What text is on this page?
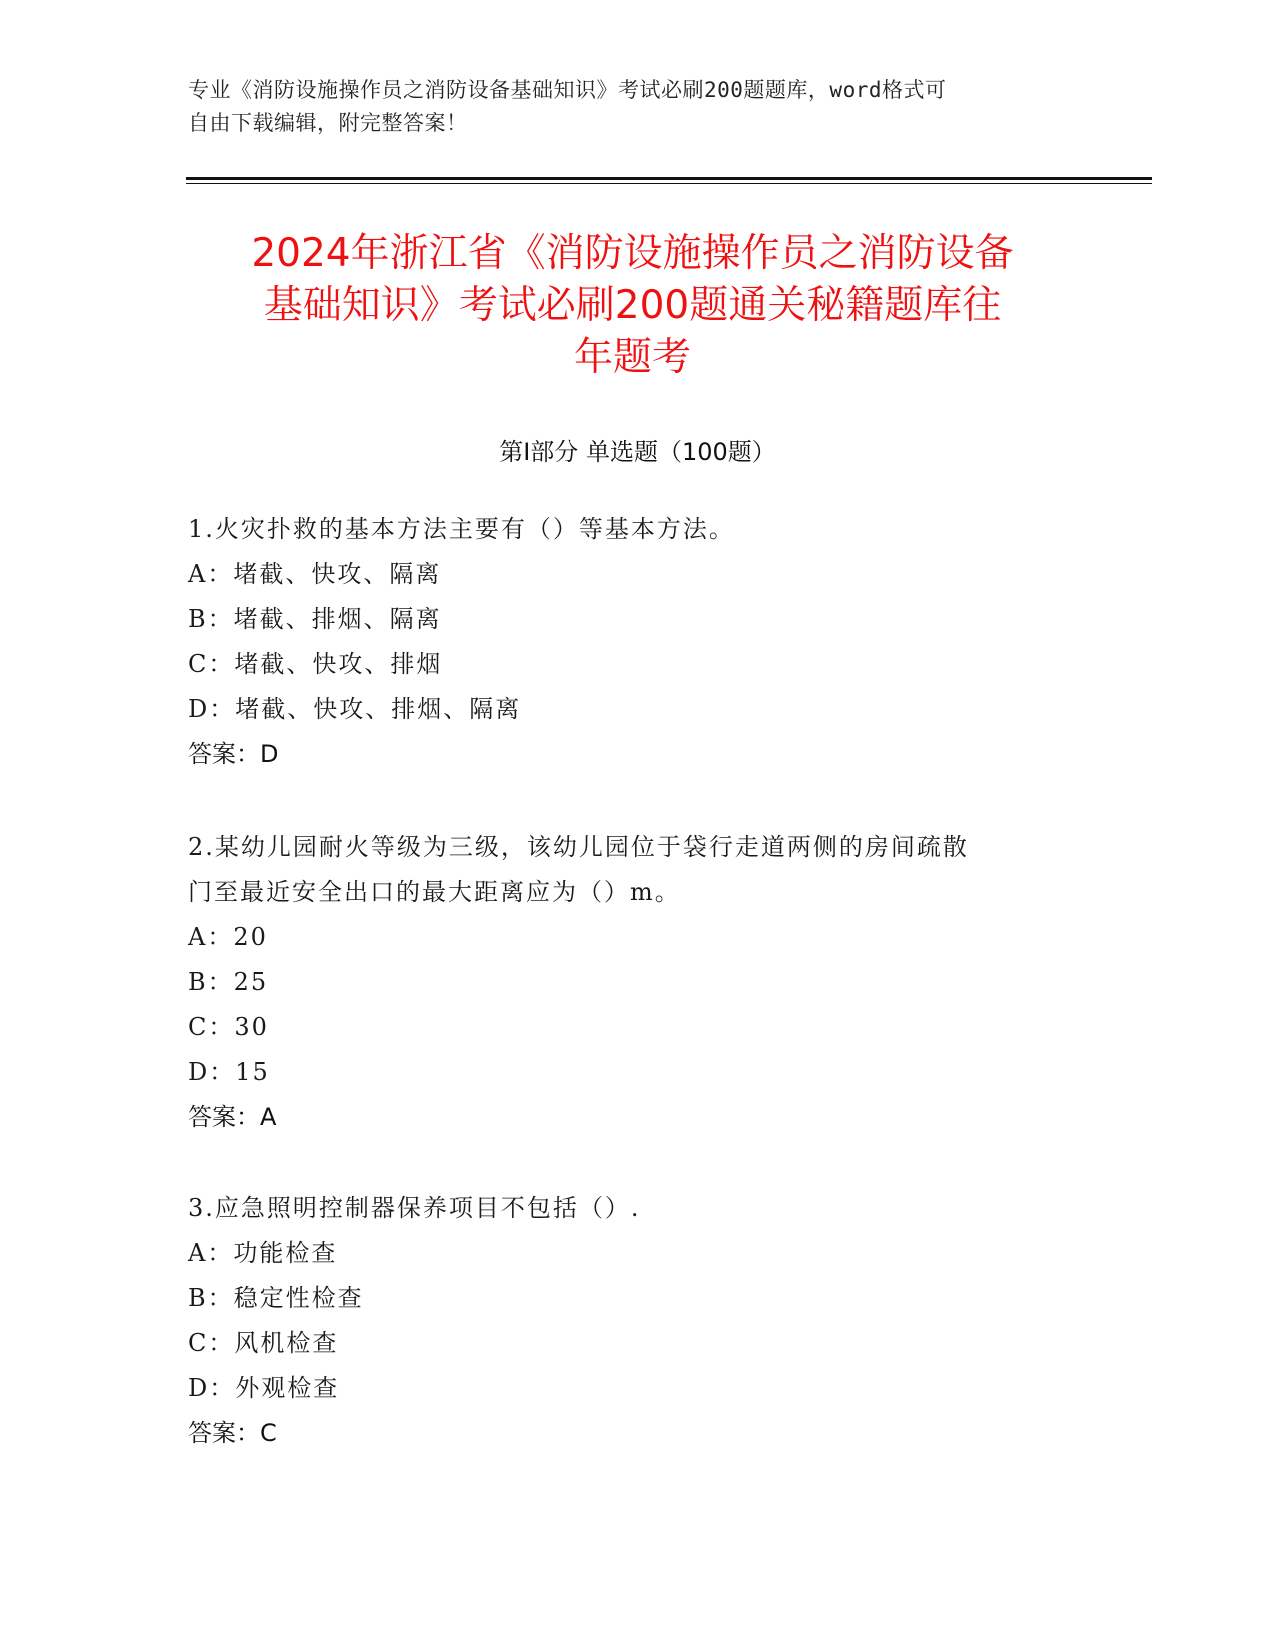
专业《消防设施操作员之消防设备基础知识》考试必刷200题题库，word格式可
自由下载编辑，附完整答案！
2024年浙江省《消防设施操作员之消防设备
基础知识》考试必刷200题通关秘籍题库往
年题考
第Ⅰ部分 单选题（100题）
1.火灾扑救的基本方法主要有（）等基本方法。
A：堵截、快攻、隔离
B：堵截、排烟、隔离
C：堵截、快攻、排烟
D：堵截、快攻、排烟、隔离
答案：D
2.某幼儿园耐火等级为三级，该幼儿园位于袋行走道两侧的房间疏散
门至最近安全出口的最大距离应为（）m。
A：20
B：25
C：30
D：15
答案：A
3.应急照明控制器保养项目不包括（）.
A：功能检查
B：稳定性检查
C：风机检查
D：外观检查
答案：C
